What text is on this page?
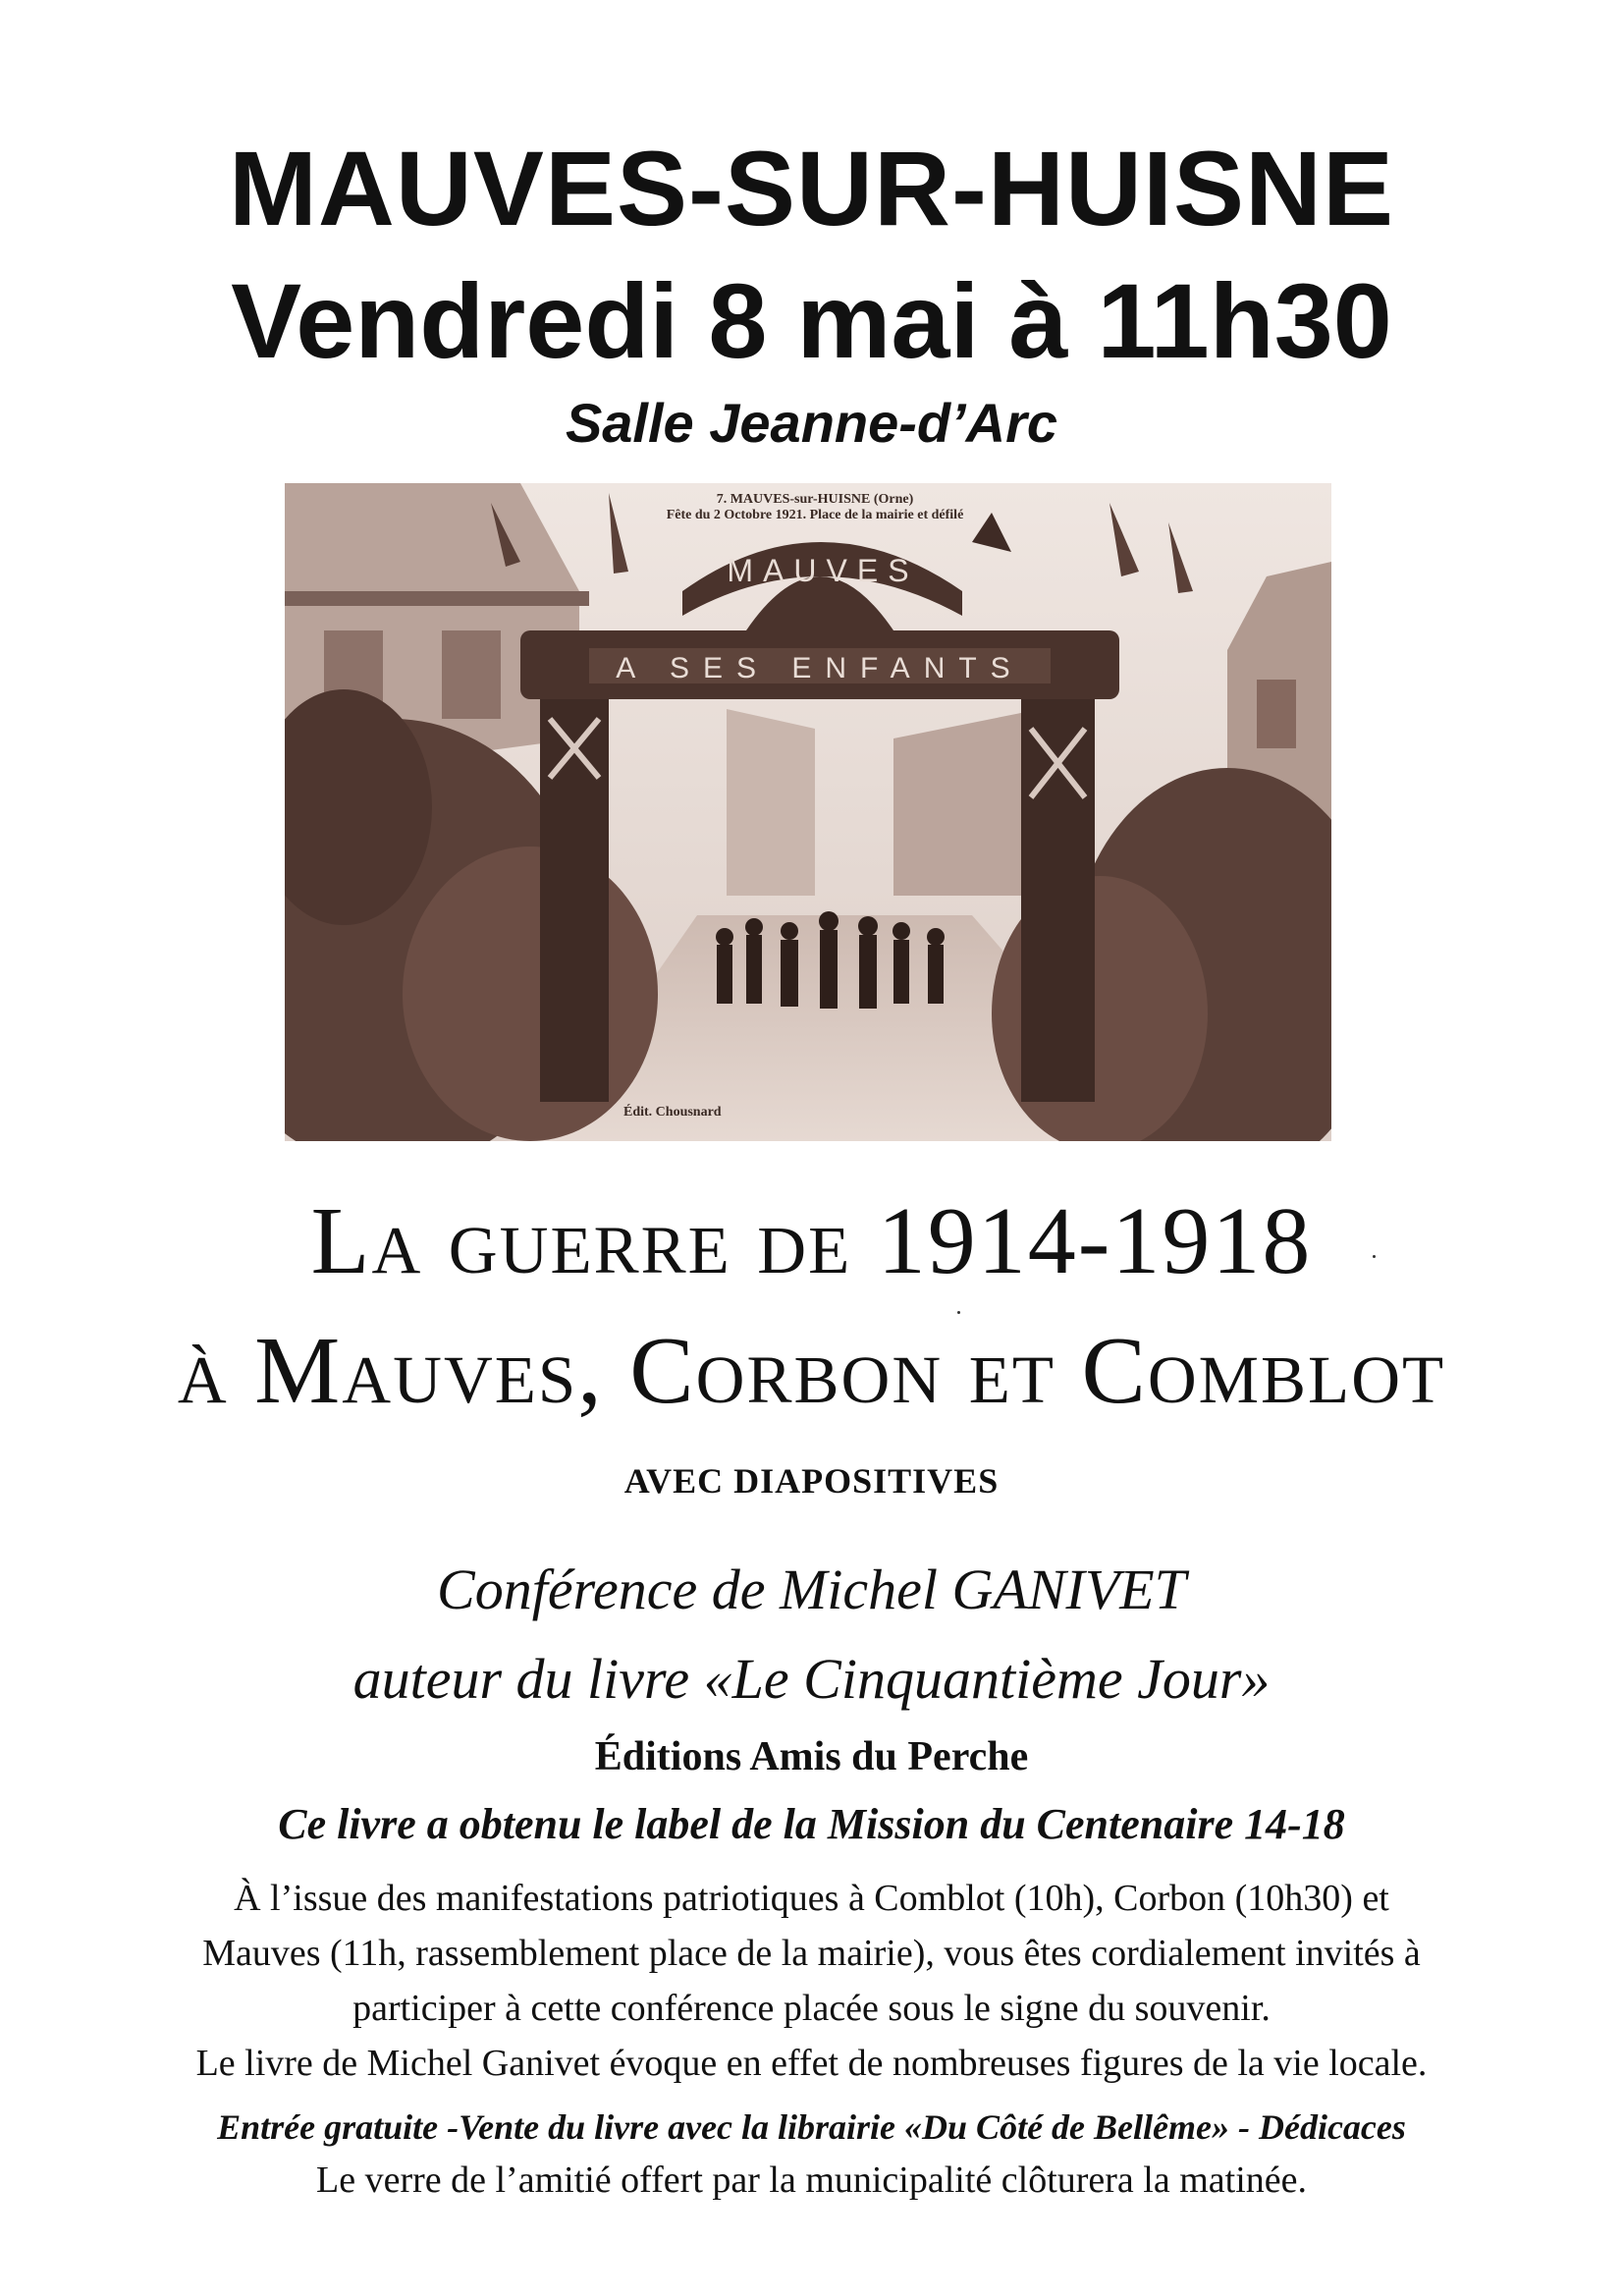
MAUVES-SUR-HUISNE
Vendredi 8 mai à 11h30
Salle Jeanne-d’Arc
A SES ENFANTS
MAUVES
7. MAUVES-sur-HUISNE (Orne)
Fête du 2 Octobre 1921. Place de la mairie et défilé
Édit. Chousnard
La guerre de 1914-1918
à Mauves, Corbon et Comblot
AVEC DIAPOSITIVES
Conférence de Michel GANIVET
auteur du livre «Le Cinquantième Jour»
Éditions Amis du Perche
Ce livre a obtenu le label de la Mission du Centenaire 14-18
À l’issue des manifestations patriotiques à Comblot (10h), Corbon (10h30) et
Mauves (11h, rassemblement place de la mairie), vous êtes cordialement invités à
participer à cette conférence placée sous le signe du souvenir.
Le livre de Michel Ganivet évoque en effet de nombreuses figures de la vie locale.
Entrée gratuite -Vente du livre avec la librairie «Du Côté de Bellême» - Dédicaces
Le verre de l’amitié offert par la municipalité clôturera la matinée.
